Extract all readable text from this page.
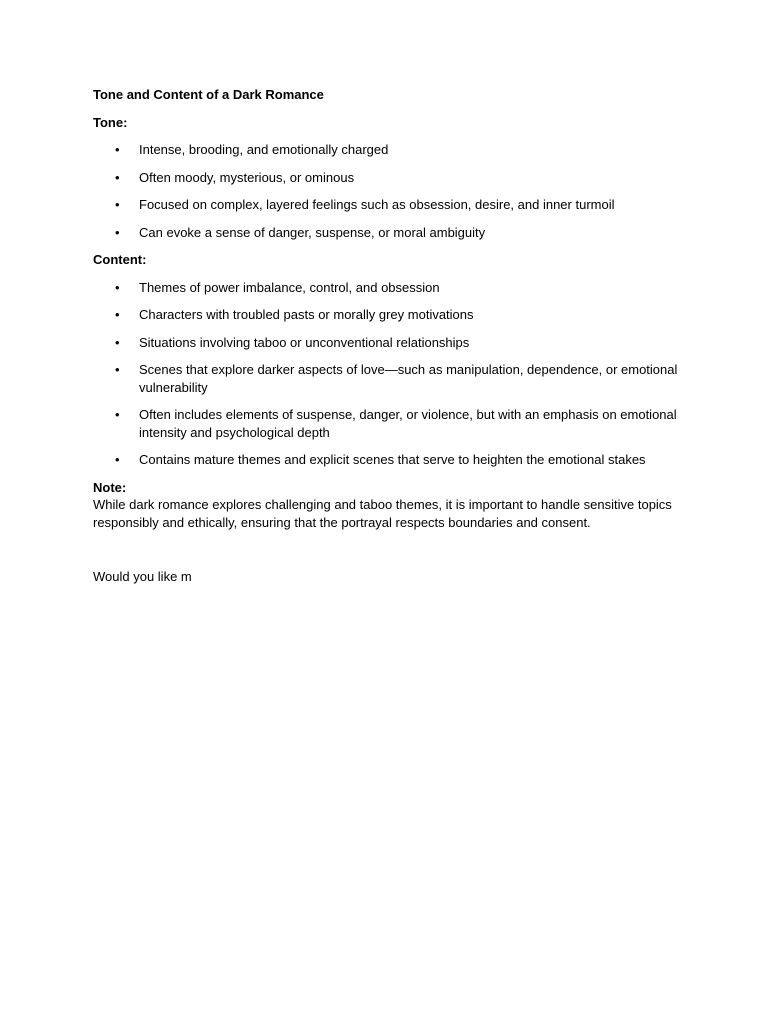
Tone and Content of a Dark Romance

Tone:

• Intense, brooding, and emotionally charged
• Often moody, mysterious, or ominous
• Focused on complex, layered feelings such as obsession, desire, and inner turmoil
• Can evoke a sense of danger, suspense, or moral ambiguity

Content:

• Themes of power imbalance, control, and obsession
• Characters with troubled pasts or morally grey motivations
• Situations involving taboo or unconventional relationships
• Scenes that explore darker aspects of love—such as manipulation, dependence, or emotional vulnerability
• Often includes elements of suspense, danger, or violence, but with an emphasis on emotional intensity and psychological depth
• Contains mature themes and explicit scenes that serve to heighten the emotional stakes

Note:

While dark romance explores challenging and taboo themes, it is important to handle sensitive topics responsibly and ethically, ensuring that the portrayal respects boundaries and consent.

Would you like m
